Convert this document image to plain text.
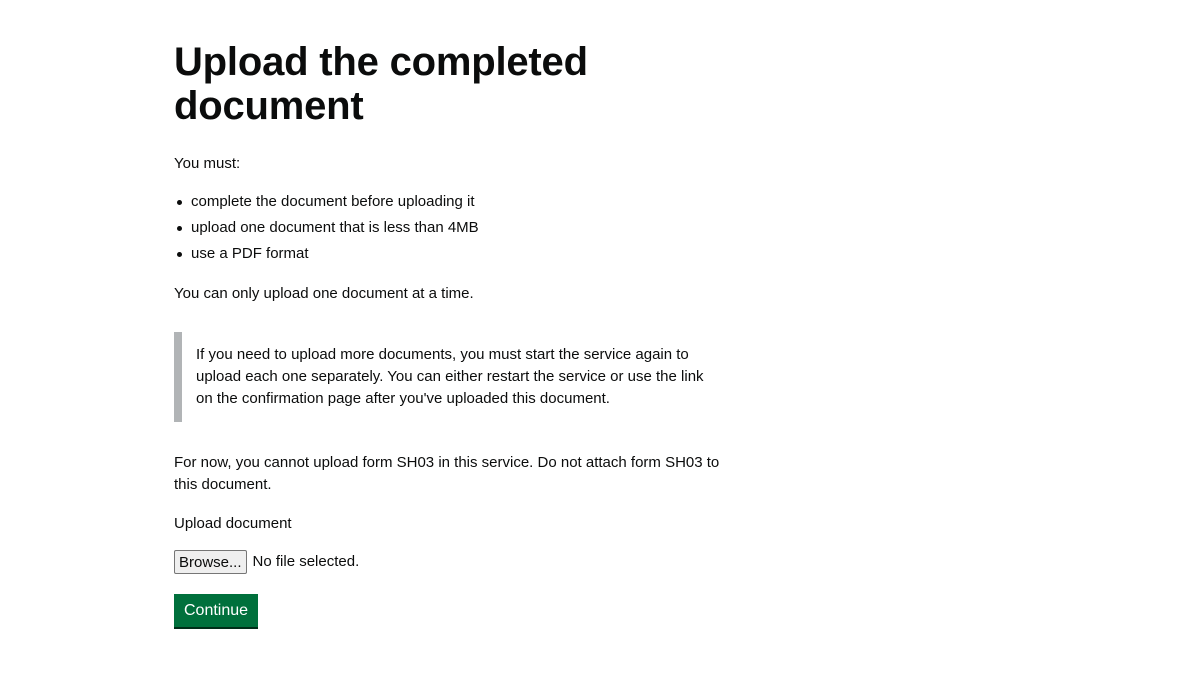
Upload the completed document

You must:

complete the document before uploading it
upload one document that is less than 4MB
use a PDF format

You can only upload one document at a time.

If you need to upload more documents, you must start the service again to upload each one separately. You can either restart the service or use the link on the confirmation page after you've uploaded this document.

For now, you cannot upload form SH03 in this service. Do not attach form SH03 to this document.

Upload document
Browse... No file selected.
Continue
